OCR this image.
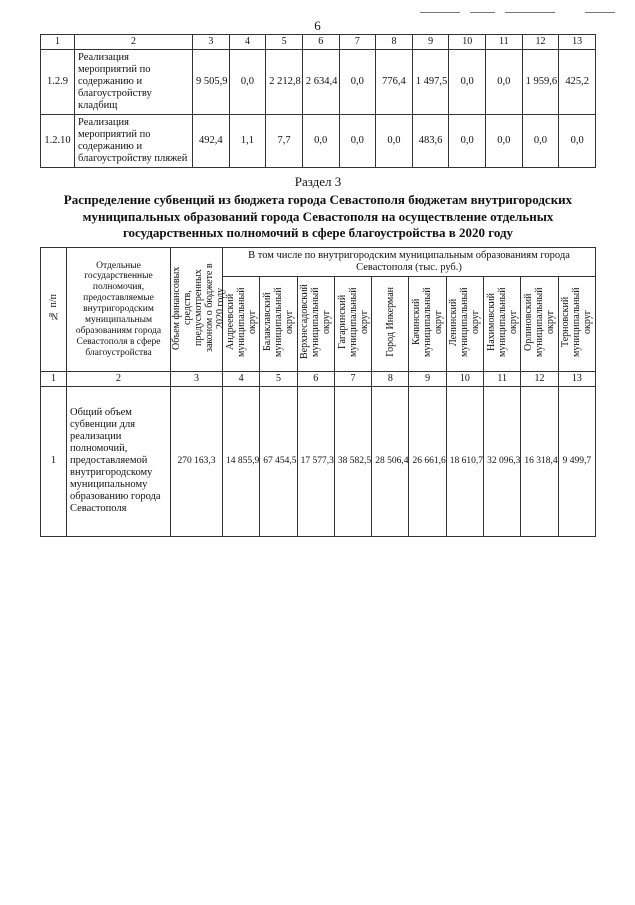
6
1	2	3	4	5	6	7	8	9	10	11	12	13
1.2.9	Реализация мероприятий по содержанию и благоустройству кладбищ	9 505,9	0,0	2 212,8	2 634,4	0,0	776,4	1 497,5	0,0	0,0	1 959,6	425,2
1.2.10	Реализация мероприятий по содержанию и благоустройству пляжей	492,4	1,1	7,7	0,0	0,0	0,0	483,6	0,0	0,0	0,0	0,0
Раздел 3
Распределение субвенций из бюджета города Севастополя бюджетам внутригородских муниципальных образований города Севастополя на осуществление отдельных государственных полномочий в сфере благоустройства в 2020 году
№ п/п	Отдельные государственные полномочия, предоставляемые внутригородским муниципальным образованиям города Севастополя в сфере благоустройства	Объем финансовых средств, предусмотренных законом о бюджете в 2020 году	В том числе по внутригородским муниципальным образованиям города Севастополя (тыс. руб.)									
			Андреевский муниципальный округ	Балаклавский муниципальный округ	Верхнесадовский муниципальный округ	Гагаринский муниципальный округ	Город Инкерман	Качинский муниципальный округ	Ленинский муниципальный округ	Нахимовский муниципальный округ	Орлиновский муниципальный округ	Терновский муниципальный округ
1	2	3	4	5	6	7	8	9	10	11	12	13
1	Общий объем субвенции для реализации полномочий, предоставляемой внутригородскому муниципальному образованию города Севастополя	270 163,3	14 855,9	67 454,5	17 577,3	38 582,5	28 506,4	26 661,6	18 610,7	32 096,3	16 318,4	9 499,7
